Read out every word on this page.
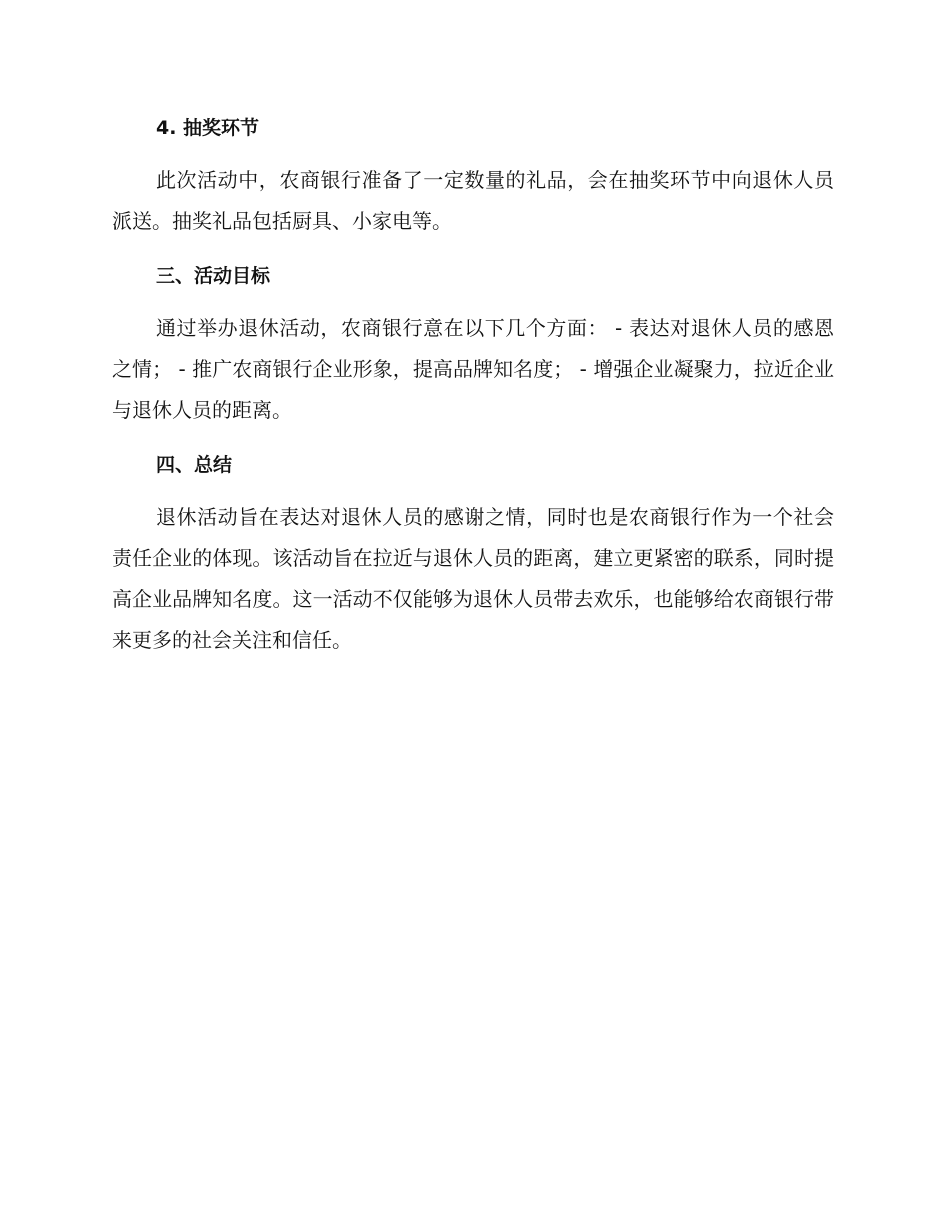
4. 抽奖环节

此次活动中，农商银行准备了一定数量的礼品，会在抽奖环节中向退休人员派送。抽奖礼品包括厨具、小家电等。

三、活动目标

通过举办退休活动，农商银行意在以下几个方面： - 表达对退休人员的感恩之情； - 推广农商银行企业形象，提高品牌知名度； - 增强企业凝聚力，拉近企业与退休人员的距离。

四、总结

退休活动旨在表达对退休人员的感谢之情，同时也是农商银行作为一个社会责任企业的体现。该活动旨在拉近与退休人员的距离，建立更紧密的联系，同时提高企业品牌知名度。这一活动不仅能够为退休人员带去欢乐，也能够给农商银行带来更多的社会关注和信任。
